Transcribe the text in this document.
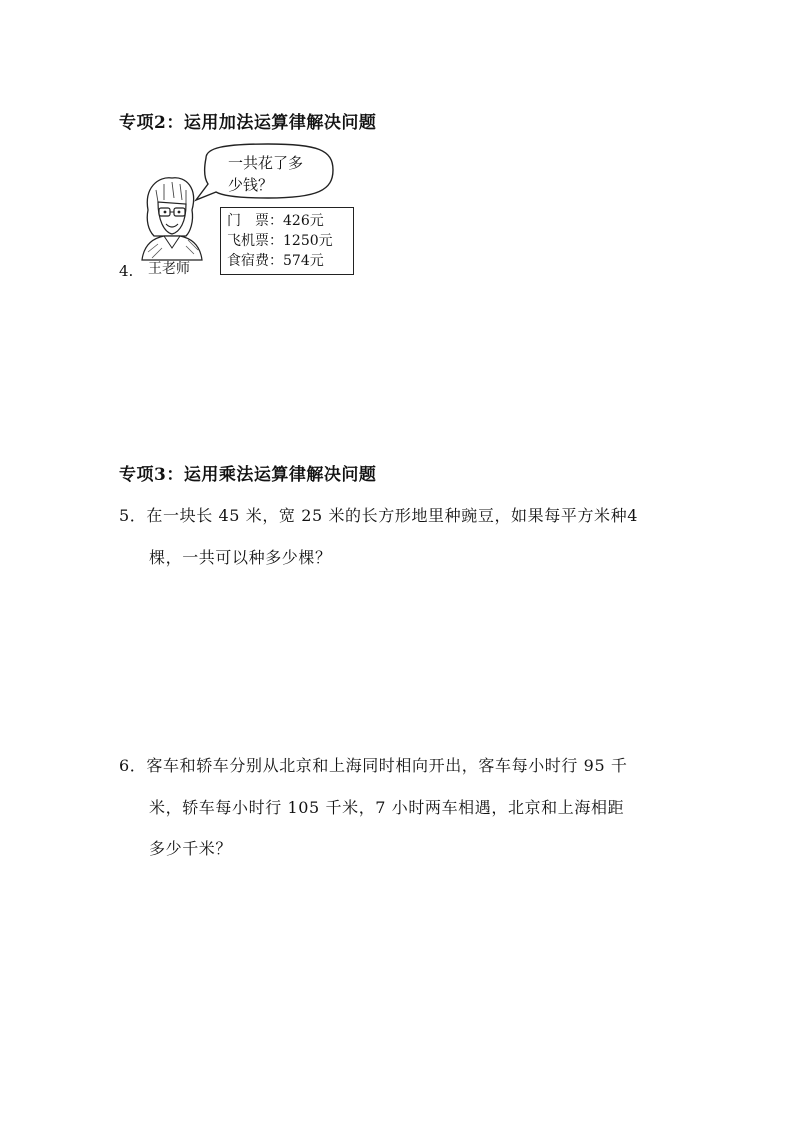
专项2：运用加法运算律解决问题
一共花了多
少钱？
门　票：426元
飞机票：1250元
食宿费：574元
王老师
4.
专项3：运用乘法运算律解决问题
5．在一块长 45 米，宽 25 米的长方形地里种豌豆，如果每平方米种4
棵，一共可以种多少棵？
6．客车和轿车分别从北京和上海同时相向开出，客车每小时行 95 千
米，轿车每小时行 105 千米，7 小时两车相遇，北京和上海相距
多少千米？
